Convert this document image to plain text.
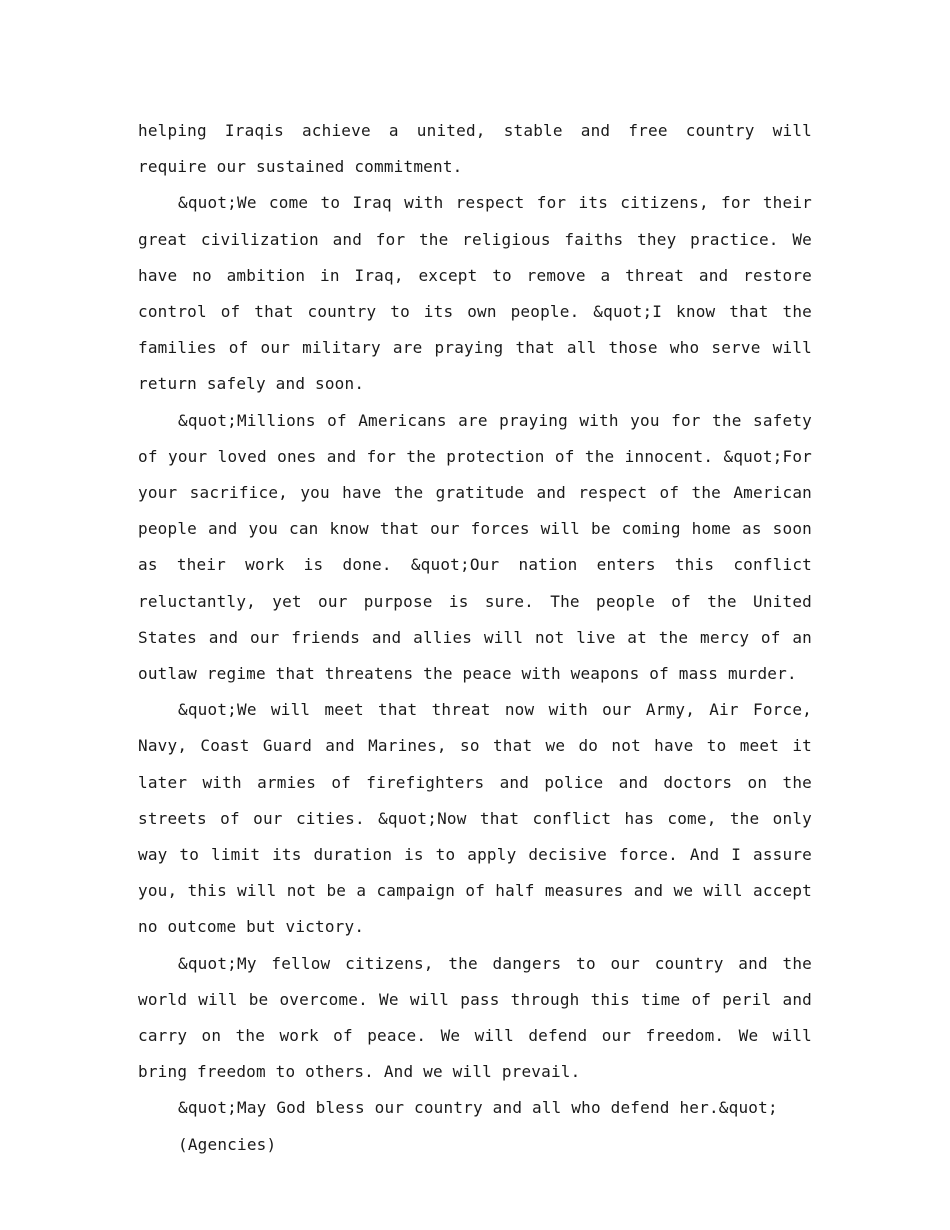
helping Iraqis achieve a united, stable and free country will require our sustained commitment.

&quot;We come to Iraq with respect for its citizens, for their great civilization and for the religious faiths they practice. We have no ambition in Iraq, except to remove a threat and restore control of that country to its own people. &quot;I know that the families of our military are praying that all those who serve will return safely and soon.

&quot;Millions of Americans are praying with you for the safety of your loved ones and for the protection of the innocent. &quot;For your sacrifice, you have the gratitude and respect of the American people and you can know that our forces will be coming home as soon as their work is done. &quot;Our nation enters this conflict reluctantly, yet our purpose is sure. The people of the United States and our friends and allies will not live at the mercy of an outlaw regime that threatens the peace with weapons of mass murder.

&quot;We will meet that threat now with our Army, Air Force, Navy, Coast Guard and Marines, so that we do not have to meet it later with armies of firefighters and police and doctors on the streets of our cities. &quot;Now that conflict has come, the only way to limit its duration is to apply decisive force. And I assure you, this will not be a campaign of half measures and we will accept no outcome but victory.

&quot;My fellow citizens, the dangers to our country and the world will be overcome. We will pass through this time of peril and carry on the work of peace. We will defend our freedom. We will bring freedom to others. And we will prevail.

&quot;May God bless our country and all who defend her.&quot;

(Agencies)
